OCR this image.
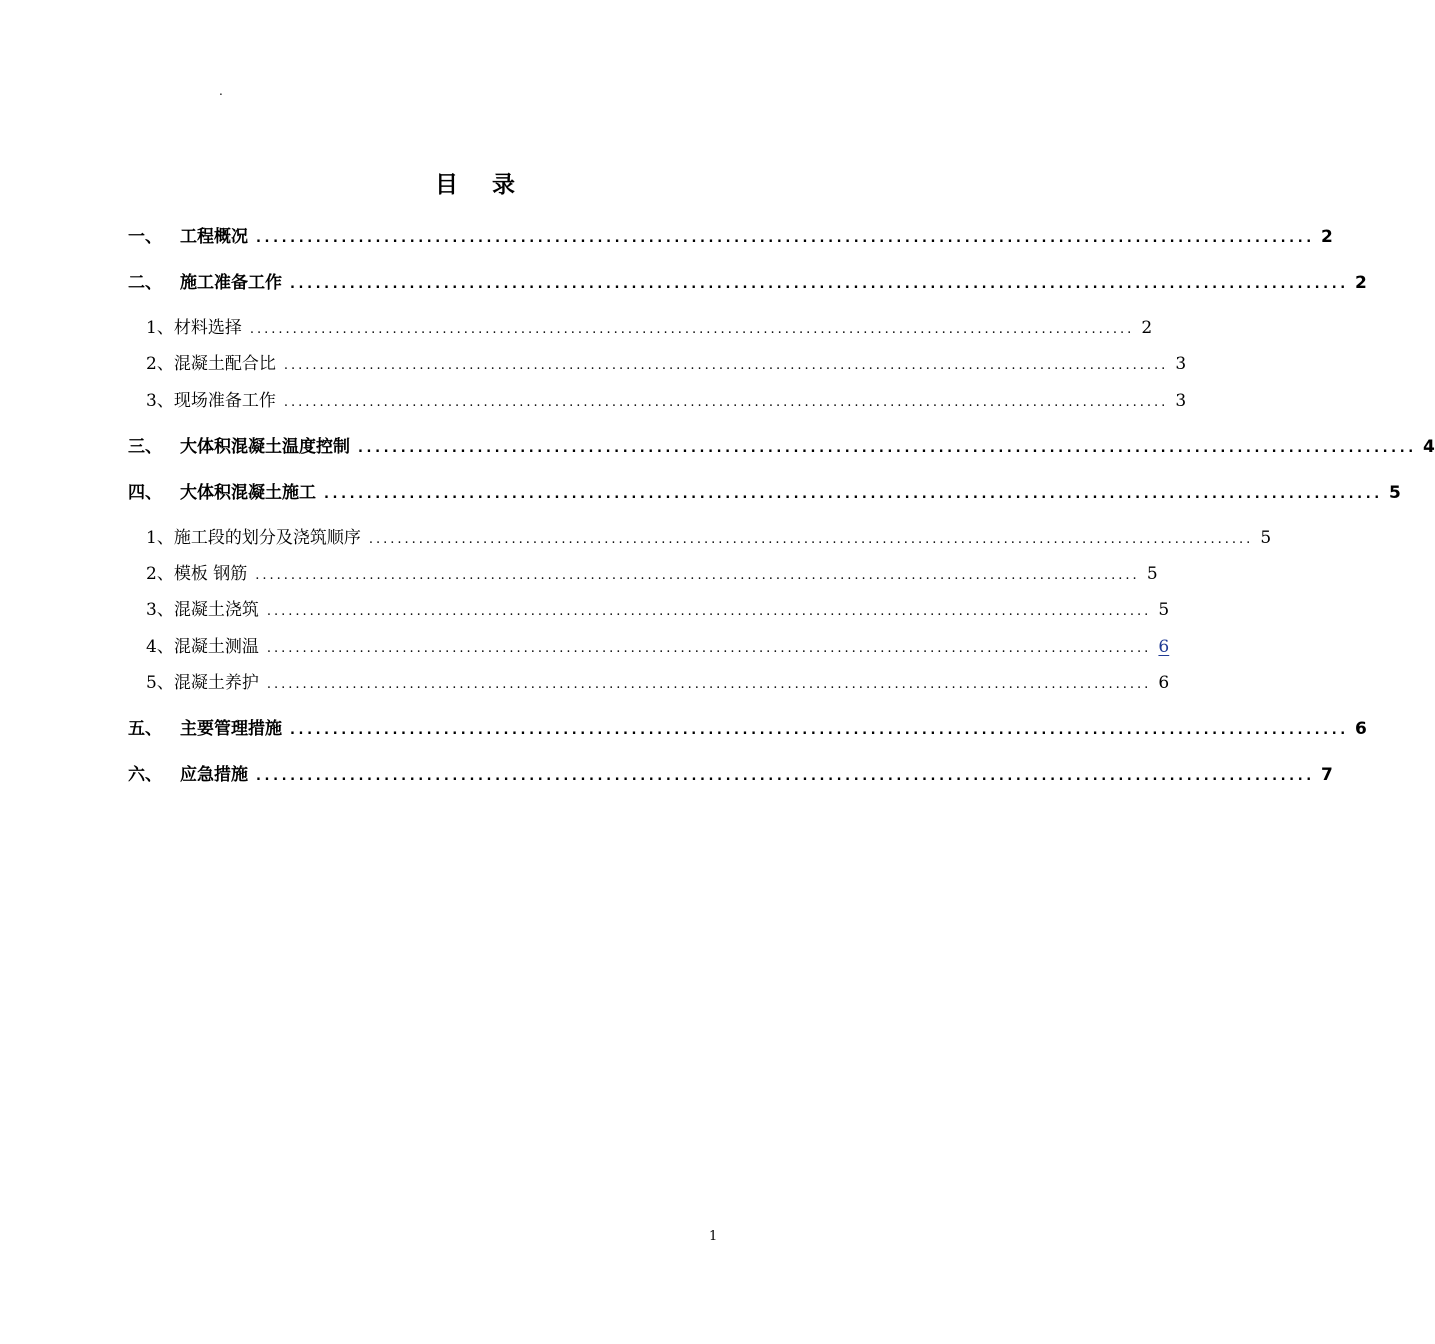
.
目 录
一、	工程概况 ............................................................................................................................ 2
二、	施工准备工作 ............................................................................................................................ 2
1、材料选择 ............................................................................................................................ 2
2、混凝土配合比 ............................................................................................................................ 3
3、现场准备工作 ............................................................................................................................ 3
三、	大体积混凝土温度控制 ............................................................................................................................ 4
四、	大体积混凝土施工 ............................................................................................................................ 5
1、施工段的划分及浇筑顺序 ............................................................................................................................ 5
2、模板 钢筋 ............................................................................................................................ 5
3、混凝土浇筑 ............................................................................................................................ 5
4、混凝土测温 ............................................................................................................................ 6
5、混凝土养护 ............................................................................................................................ 6
五、	主要管理措施 ............................................................................................................................ 6
六、	应急措施 ............................................................................................................................ 7
1
